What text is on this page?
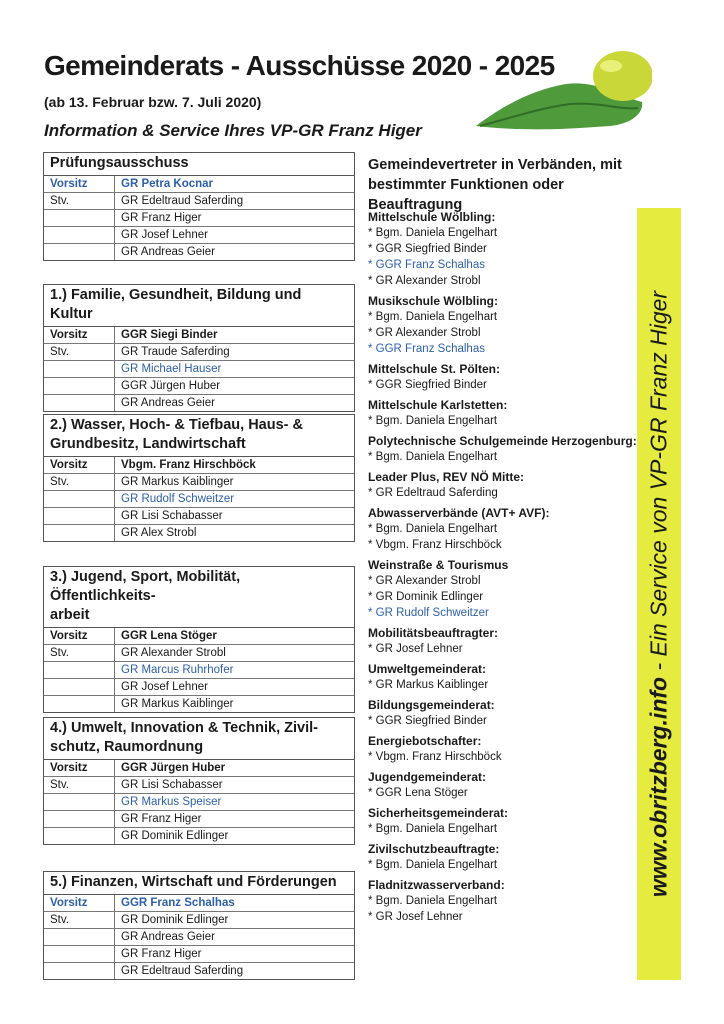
Gemeinderats - Ausschüsse 2020 - 2025

(ab 13. Februar bzw. 7. Juli 2020)

Information & Service Ihres VP-GR Franz Higer

Prüfungsausschuss
Vorsitz	GR Petra Kocnar
Stv.	GR Edeltraud Saferding
	GR Franz Higer
	GR Josef Lehner
	GR Andreas Geier
1.) Familie, Gesundheit, Bildung und Kultur
Vorsitz	GGR Siegi Binder
Stv.	GR Traude Saferding
	GR Michael Hauser
	GGR Jürgen Huber
	GR Andreas Geier
2.) Wasser, Hoch- & Tiefbau, Haus- &
Grundbesitz, Landwirtschaft
Vorsitz	Vbgm. Franz Hirschböck
Stv.	GR Markus Kaiblinger
	GR Rudolf Schweitzer
	GR Lisi Schabasser
	GR Alex Strobl
3.) Jugend, Sport, Mobilität, Öffentlichkeits-
arbeit
Vorsitz	GGR Lena Stöger
Stv.	GR Alexander Strobl
	GR Marcus Ruhrhofer
	GR Josef Lehner
	GR Markus Kaiblinger
4.) Umwelt, Innovation & Technik, Zivil-
schutz, Raumordnung
Vorsitz	GGR Jürgen Huber
Stv.	GR Lisi Schabasser
	GR Markus Speiser
	GR Franz Higer
	GR Dominik Edlinger
5.) Finanzen, Wirtschaft und Förderungen
Vorsitz	GGR Franz Schalhas
Stv.	GR Dominik Edlinger
	GR Andreas Geier
	GR Franz Higer
	GR Edeltraud Saferding
Gemeindevertreter in Verbänden, mit
bestimmter Funktionen oder Beauftragung
Mittelschule Wölbling:
* Bgm. Daniela Engelhart
* GGR Siegfried Binder
* GGR Franz Schalhas
* GR Alexander Strobl
Musikschule Wölbling:
* Bgm. Daniela Engelhart
* GR Alexander Strobl
* GGR Franz Schalhas
Mittelschule St. Pölten:
* GGR Siegfried Binder
Mittelschule Karlstetten:
* Bgm. Daniela Engelhart
Polytechnische Schulgemeinde Herzogenburg:
* Bgm. Daniela Engelhart
Leader Plus, REV NÖ Mitte:
* GR Edeltraud Saferding
Abwasserverbände (AVT+ AVF):
* Bgm. Daniela Engelhart
* Vbgm. Franz Hirschböck
Weinstraße & Tourismus
* GR Alexander Strobl
* GR Dominik Edlinger
* GR Rudolf Schweitzer
Mobilitätsbeauftragter:
* GR Josef Lehner
Umweltgemeinderat:
* GR Markus Kaiblinger
Bildungsgemeinderat:
* GGR Siegfried Binder
Energiebotschafter:
* Vbgm. Franz Hirschböck
Jugendgemeinderat:
* GGR Lena Stöger
Sicherheitsgemeinderat:
* Bgm. Daniela Engelhart
Zivilschutzbeauftragte:
* Bgm. Daniela Engelhart
Fladnitzwasserverband:
* Bgm. Daniela Engelhart
* GR Josef Lehner
www.obritzberg.info - Ein Service von VP-GR Franz Higer
